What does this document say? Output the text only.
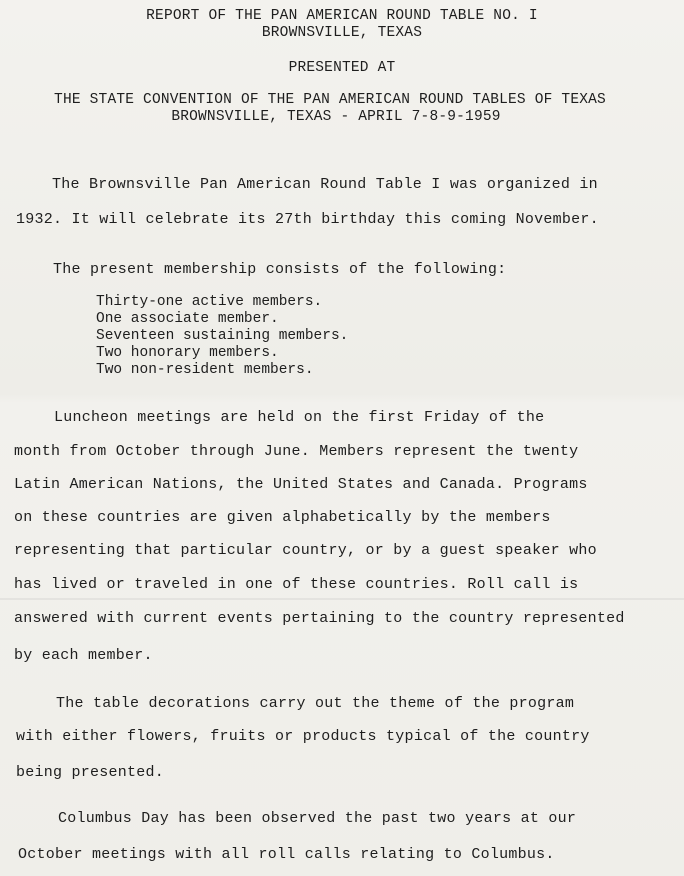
REPORT OF THE PAN AMERICAN ROUND TABLE NO. I
BROWNSVILLE, TEXAS
PRESENTED AT
THE STATE CONVENTION OF THE PAN AMERICAN ROUND TABLES OF TEXAS
BROWNSVILLE, TEXAS - APRIL 7-8-9-1959
The Brownsville Pan American Round Table I was organized in
1932. It will celebrate its 27th birthday this coming November.
The present membership consists of the following:
Thirty-one active members.
One associate member.
Seventeen sustaining members.
Two honorary members.
Two non-resident members.
Luncheon meetings are held on the first Friday of the
month from October through June. Members represent the twenty
Latin American Nations, the United States and Canada. Programs
on these countries are given alphabetically by the members
representing that particular country, or by a guest speaker who
has lived or traveled in one of these countries. Roll call is
answered with current events pertaining to the country represented
by each member.
The table decorations carry out the theme of the program
with either flowers, fruits or products typical of the country
being presented.
Columbus Day has been observed the past two years at our
October meetings with all roll calls relating to Columbus.
